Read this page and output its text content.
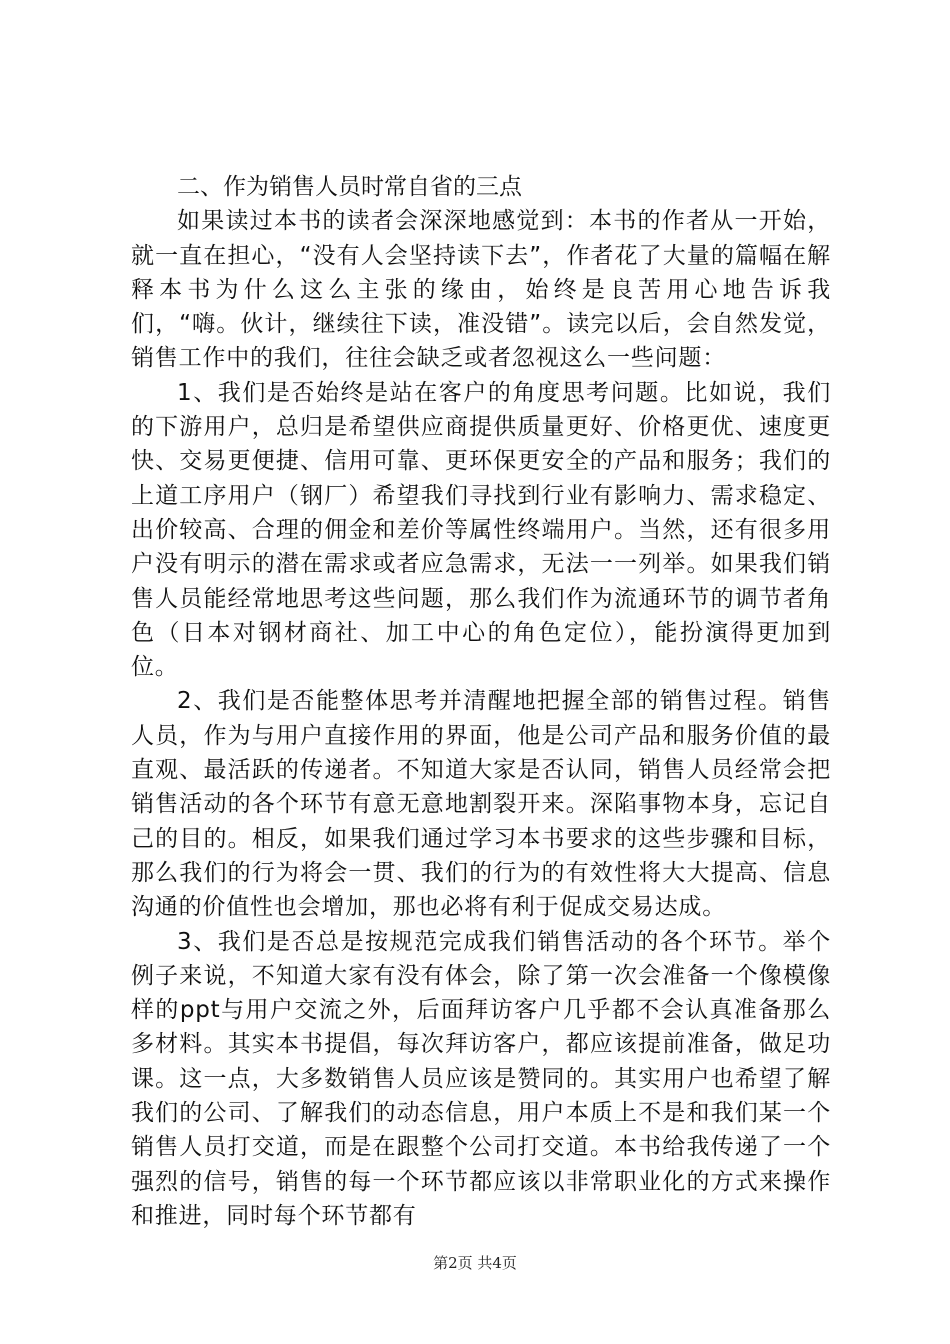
二、作为销售人员时常自省的三点

如果读过本书的读者会深深地感觉到：本书的作者从一开始，就一直在担心，“没有人会坚持读下去”，作者花了大量的篇幅在解释本书为什么这么主张的缘由，始终是良苦用心地告诉我们，“嗨。伙计，继续往下读，准没错”。读完以后，会自然发觉，销售工作中的我们，往往会缺乏或者忽视这么一些问题：

1、我们是否始终是站在客户的角度思考问题。比如说，我们的下游用户，总归是希望供应商提供质量更好、价格更优、速度更快、交易更便捷、信用可靠、更环保更安全的产品和服务；我们的上道工序用户（钢厂）希望我们寻找到行业有影响力、需求稳定、出价较高、合理的佣金和差价等属性终端用户。当然，还有很多用户没有明示的潜在需求或者应急需求，无法一一列举。如果我们销售人员能经常地思考这些问题，那么我们作为流通环节的调节者角色（日本对钢材商社、加工中心的角色定位），能扮演得更加到位。

2、我们是否能整体思考并清醒地把握全部的销售过程。销售人员，作为与用户直接作用的界面，他是公司产品和服务价值的最直观、最活跃的传递者。不知道大家是否认同，销售人员经常会把销售活动的各个环节有意无意地割裂开来。深陷事物本身，忘记自己的目的。相反，如果我们通过学习本书要求的这些步骤和目标，那么我们的行为将会一贯、我们的行为的有效性将大大提高、信息沟通的价值性也会增加，那也必将有利于促成交易达成。

3、我们是否总是按规范完成我们销售活动的各个环节。举个例子来说，不知道大家有没有体会，除了第一次会准备一个像模像样的ppt与用户交流之外，后面拜访客户几乎都不会认真准备那么多材料。其实本书提倡，每次拜访客户，都应该提前准备，做足功课。这一点，大多数销售人员应该是赞同的。其实用户也希望了解我们的公司、了解我们的动态信息，用户本质上不是和我们某一个销售人员打交道，而是在跟整个公司打交道。本书给我传递了一个强烈的信号，销售的每一个环节都应该以非常职业化的方式来操作和推进，同时每个环节都有

第2页 共4页
